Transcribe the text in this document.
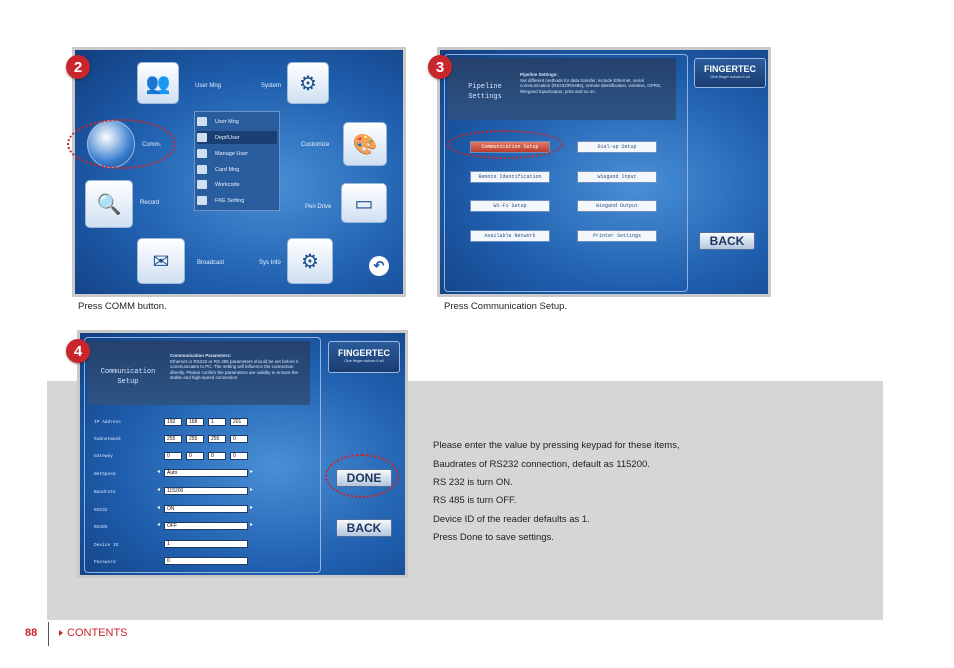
2
👥	User Mng	System ⚙
Comm.
User Mng
Dept/User
Manage User
Card Mng
Workcode
FKE Setting
Customize	🎨
🔍	Record
Pen Drive	▭
✉	Broadcast	Sys Info	⚙	↶
Press COMM button.
3
Pipeline
Settings
Pipeline Settings:
Set different methods for data transfer, include Ethernet, serial communication (RS232/RS485), remote identification, wireless, GPRS, Wiegand input/output, print and so on.
FINGERTEC
One finger solves it all
Communication Setup	Dial-up Setup
Remote Identification	Wiegand Input
Wi-Fi Setup	Wiegand Output
Available Network	Printer Settings	BACK
Press Communication Setup.
4
Communication
Setup
Communication Parameters:
Ethernet or RS232 or RS 485 parameters should be set before it communicates to PC. The setting will influence the connection directly. Please confirm the parameters are validity to ensure the stable and high-speed connection.
FINGERTEC
One finger solves it all
IP Address	192	168	1	201
Subnetmask	255	255	255	0
Gateway	0	0	0	0
NetSpeed	◂	Auto	▸
Baudrate	◂	115200	▸
RS232	◂	ON	▸
RS485	◂	OFF	▸
Device ID	1
Password	0
DONE
BACK
Please enter the value by pressing keypad for these items,
Baudrates of RS232 connection, default as 115200.
RS 232 is turn ON.
RS 485 is turn OFF.
Device ID of the reader defaults as 1.
Press Done to save settings.
88	CONTENTS
